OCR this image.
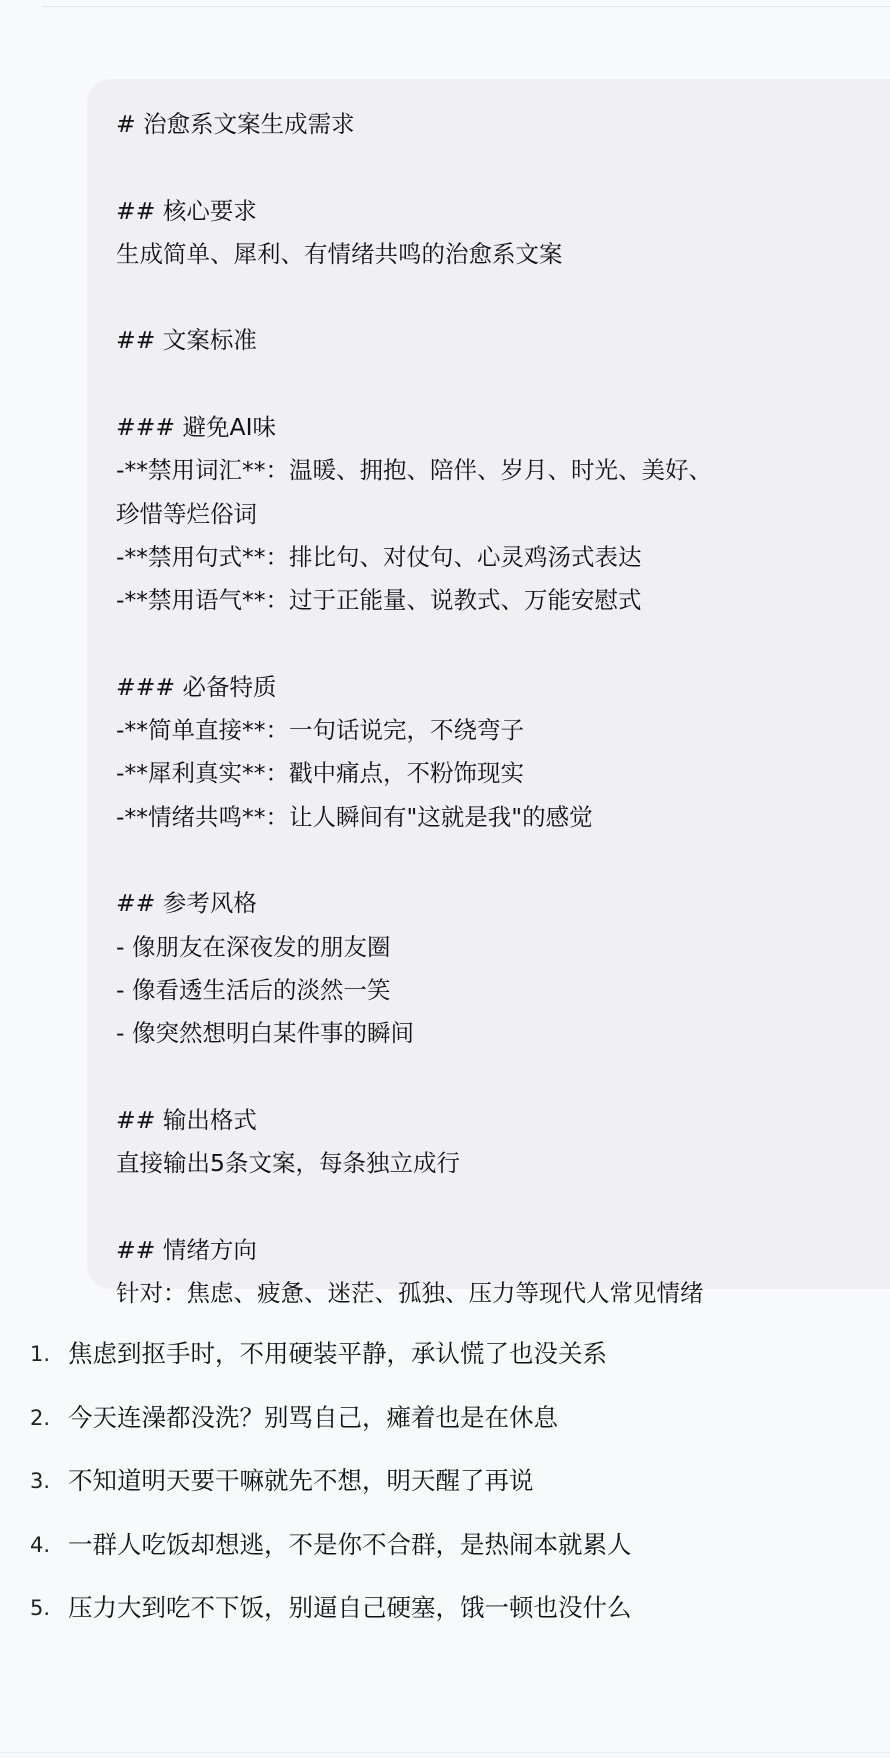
# 治愈系文案生成需求
## 核心要求
生成简单、犀利、有情绪共鸣的治愈系文案
## 文案标准
### 避免AI味
-**禁用词汇**：温暖、拥抱、陪伴、岁月、时光、美好、
珍惜等烂俗词
-**禁用句式**：排比句、对仗句、心灵鸡汤式表达
-**禁用语气**：过于正能量、说教式、万能安慰式
### 必备特质
-**简单直接**：一句话说完，不绕弯子
-**犀利真实**：戳中痛点，不粉饰现实
-**情绪共鸣**：让人瞬间有"这就是我"的感觉
## 参考风格
- 像朋友在深夜发的朋友圈
- 像看透生活后的淡然一笑
- 像突然想明白某件事的瞬间
## 输出格式
直接输出5条文案，每条独立成行
## 情绪方向
针对：焦虑、疲惫、迷茫、孤独、压力等现代人常见情绪
1. 焦虑到抠手时，不用硬装平静，承认慌了也没关系
2. 今天连澡都没洗？别骂自己，瘫着也是在休息
3. 不知道明天要干嘛就先不想，明天醒了再说
4. 一群人吃饭却想逃，不是你不合群，是热闹本就累人
5. 压力大到吃不下饭，别逼自己硬塞，饿一顿也没什么
